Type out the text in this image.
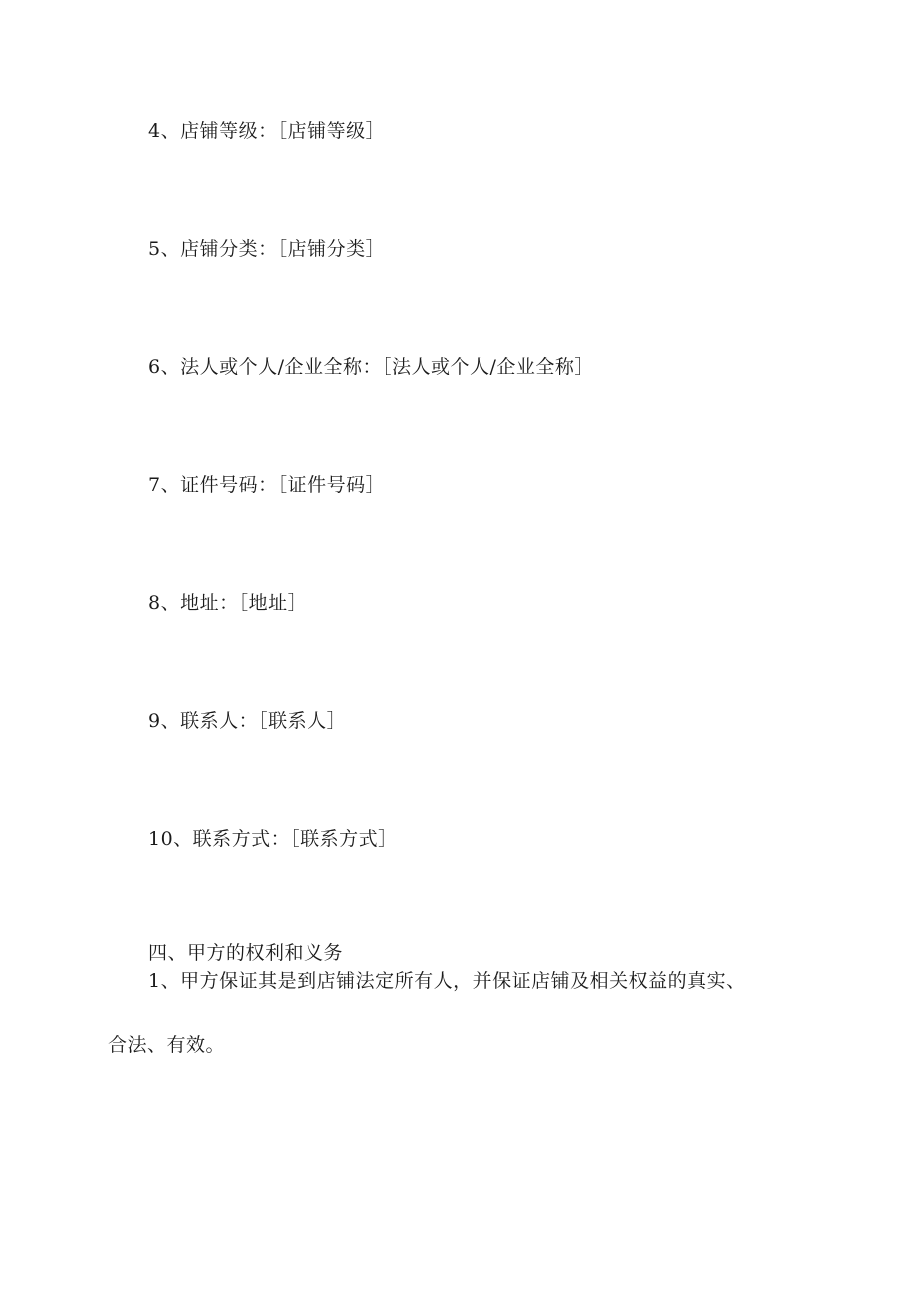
4、店铺等级：［店铺等级］
5、店铺分类：［店铺分类］
6、法人或个人/企业全称：［法人或个人/企业全称］
7、证件号码：［证件号码］
8、地址：［地址］
9、联系人：［联系人］
10、联系方式：［联系方式］
四、甲方的权利和义务
1、甲方保证其是到店铺法定所有人，并保证店铺及相关权益的真实、
合法、有效。
